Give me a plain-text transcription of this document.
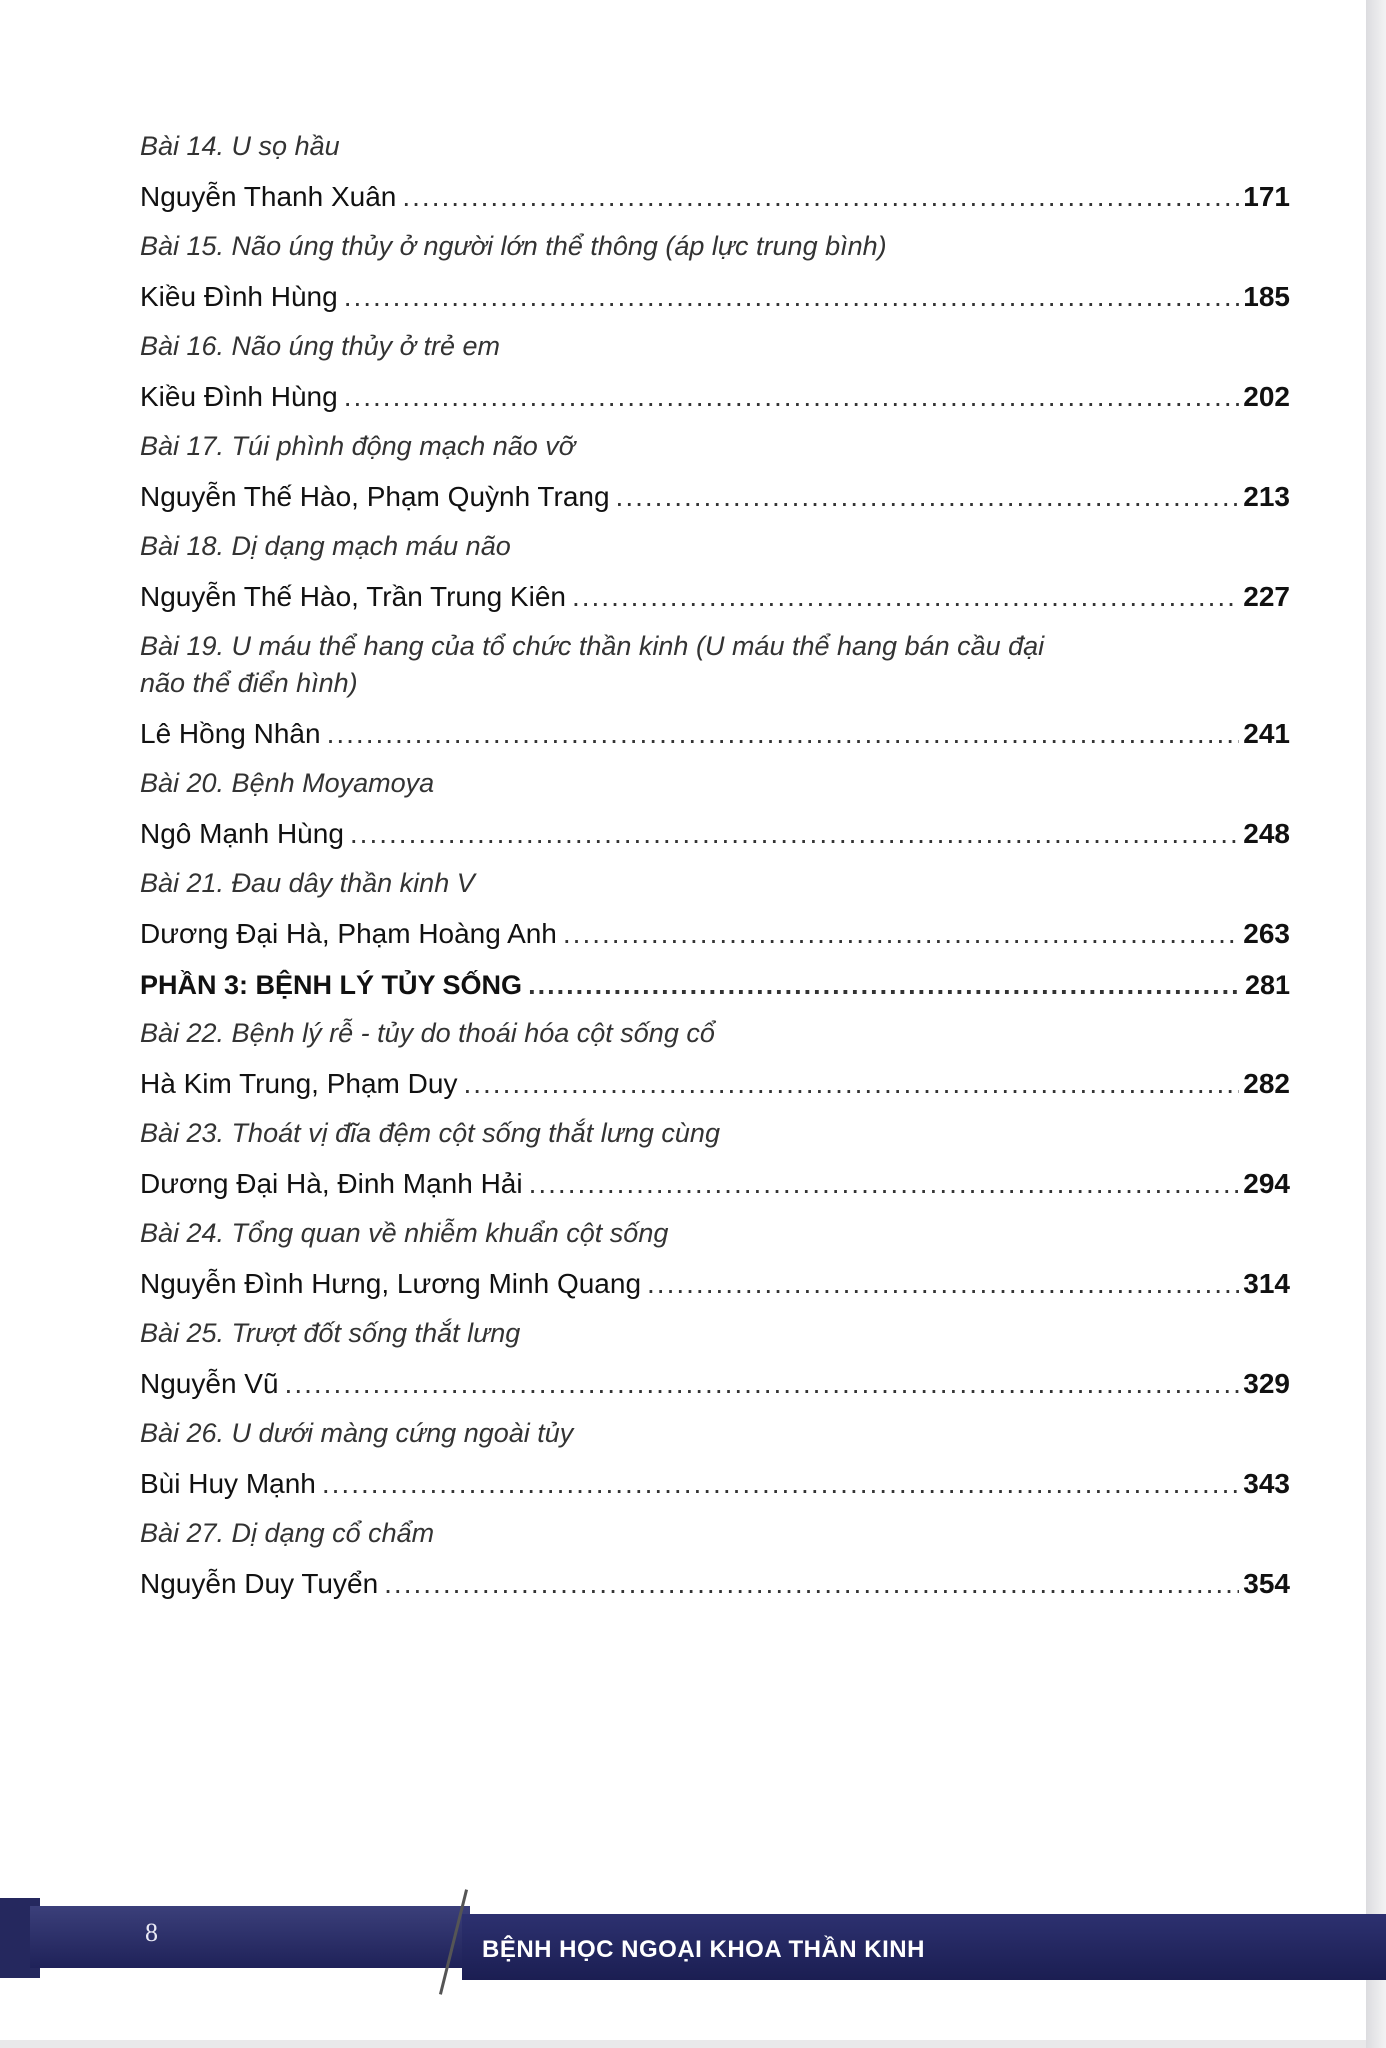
Bài 14. U sọ hầu

Nguyễn Thanh Xuân .....	171

Bài 15. Não úng thủy ở người lớn thể thông (áp lực trung bình)

Kiều Đình Hùng .....	185

Bài 16. Não úng thủy ở trẻ em

Kiều Đình Hùng .....	202

Bài 17. Túi phình động mạch não vỡ

Nguyễn Thế Hào, Phạm Quỳnh Trang .....	213

Bài 18. Dị dạng mạch máu não

Nguyễn Thế Hào, Trần Trung Kiên .....	227

Bài 19. U máu thể hang của tổ chức thần kinh (U máu thể hang bán cầu đại

não thể điển hình)

Lê Hồng Nhân .....	241

Bài 20. Bệnh Moyamoya

Ngô Mạnh Hùng .....	248

Bài 21. Đau dây thần kinh V

Dương Đại Hà, Phạm Hoàng Anh .....	263
PHẦN 3: BỆNH LÝ TỦY SỐNG .....	281

Bài 22. Bệnh lý rễ - tủy do thoái hóa cột sống cổ

Hà Kim Trung, Phạm Duy .....	282

Bài 23. Thoát vị đĩa đệm cột sống thắt lưng cùng

Dương Đại Hà, Đinh Mạnh Hải .....	294

Bài 24. Tổng quan về nhiễm khuẩn cột sống

Nguyễn Đình Hưng, Lương Minh Quang .....	314

Bài 25. Trượt đốt sống thắt lưng

Nguyễn Vũ .....	329

Bài 26. U dưới màng cứng ngoài tủy

Bùi Huy Mạnh .....	343

Bài 27. Dị dạng cổ chẩm

Nguyễn Duy Tuyển .....	354
8
BỆNH HỌC NGOẠI KHOA THẦN KINH
